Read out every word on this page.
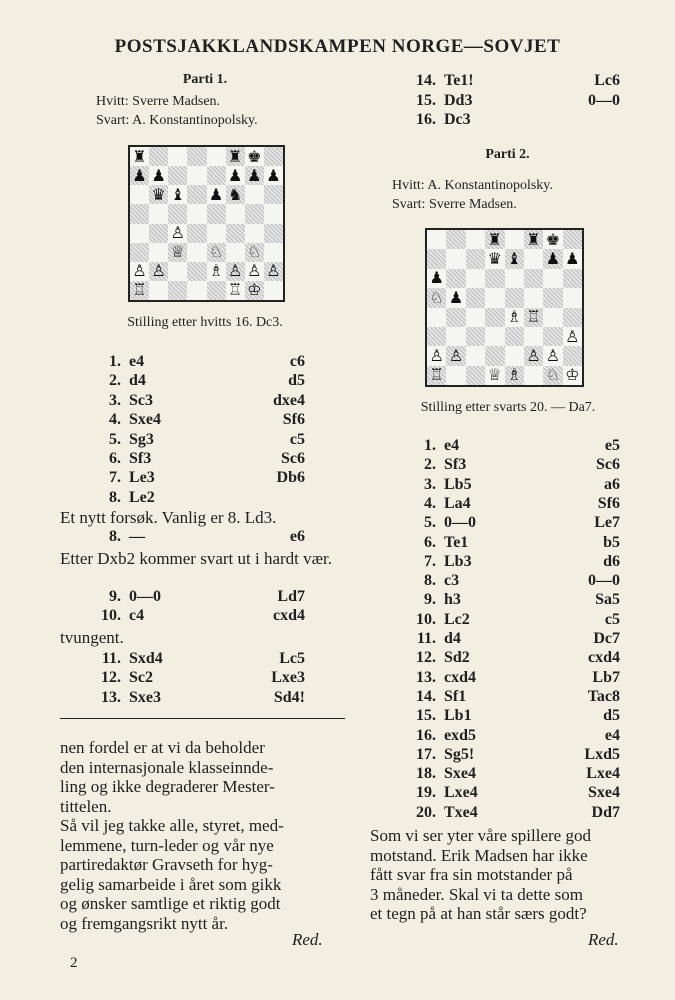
POSTSJAKKLANDSKAMPEN NORGE—SOVJET
Parti 1.
Hvitt: Sverre Madsen.
Svart: A. Konstantinopolsky.
♜	♜ ♚
♟ ♟	♟ ♟ ♟
♛ ♝ ♟ ♞
♙
♕ ♘ ♘
♙ ♙	♗ ♙ ♙ ♙
♖	♖ ♔
Stilling etter hvitts 16. Dc3.
1. e4	c6
2. d4	d5
3. Sc3	dxe4
4. Sxe4	Sf6
5. Sg3	c5
6. Sf3	Sc6
7. Le3	Db6
8. Le2
Et nytt forsøk. Vanlig er 8. Ld3.
8. —	e6
Etter Dxb2 kommer svart ut i hardt vær.
9. 0—0	Ld7
10. c4	cxd4
tvungent.
11. Sxd4	Lc5
12. Sc2	Lxe3
13. Sxe3	Sd4!
nen fordel er at vi da beholder
den internasjonale klasseinnde-
ling og ikke degraderer Mester-
tittelen.
Så vil jeg takke alle, styret, med-
lemmene, turn-leder og vår nye
partiredaktør Gravseth for hyg-
gelig samarbeide i året som gikk
og ønsker samtlige et riktig godt
og fremgangsrikt nytt år.
Red.
2
14. Te1!	Lc6
15. Dd3	0—0
16. Dc3
Parti 2.
Hvitt: A. Konstantinopolsky.
Svart: Sverre Madsen.
♜ ♜ ♚
♛ ♝ ♟ ♟
♟
♘ ♟
♗ ♖
♙
♙ ♙	♙ ♙
♖	♕ ♗ ♘ ♔
Stilling etter svarts 20. — Da7.
1. e4	e5
2. Sf3	Sc6
3. Lb5	a6
4. La4	Sf6
5. 0—0	Le7
6. Te1	b5
7. Lb3	d6
8. c3	0—0
9. h3	Sa5
10. Lc2	c5
11. d4	Dc7
12. Sd2	cxd4
13. cxd4	Lb7
14. Sf1	Tac8
15. Lb1	d5
16. exd5	e4
17. Sg5!	Lxd5
18. Sxe4	Lxe4
19. Lxe4	Sxe4
20. Txe4	Dd7
Som vi ser yter våre spillere god
motstand. Erik Madsen har ikke
fått svar fra sin motstander på
3 måneder. Skal vi ta dette som
et tegn på at han står særs godt?
Red.
